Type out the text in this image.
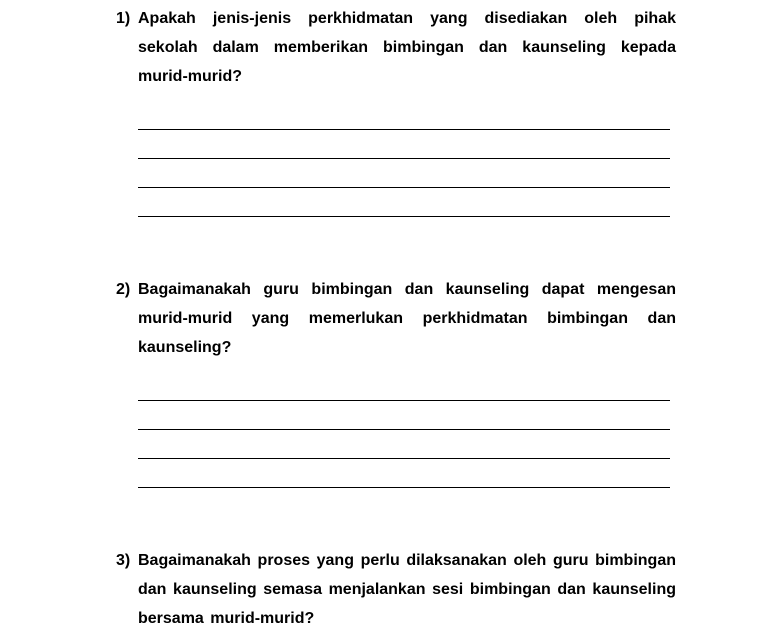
1) Apakah jenis-jenis perkhidmatan yang disediakan oleh pihak sekolah dalam memberikan bimbingan dan kaunseling kepada murid-murid?
2) Bagaimanakah guru bimbingan dan kaunseling dapat mengesan murid-murid yang memerlukan perkhidmatan bimbingan dan kaunseling?
3) Bagaimanakah proses yang perlu dilaksanakan oleh guru bimbingan dan kaunseling semasa menjalankan sesi bimbingan dan kaunseling bersama murid-murid?
